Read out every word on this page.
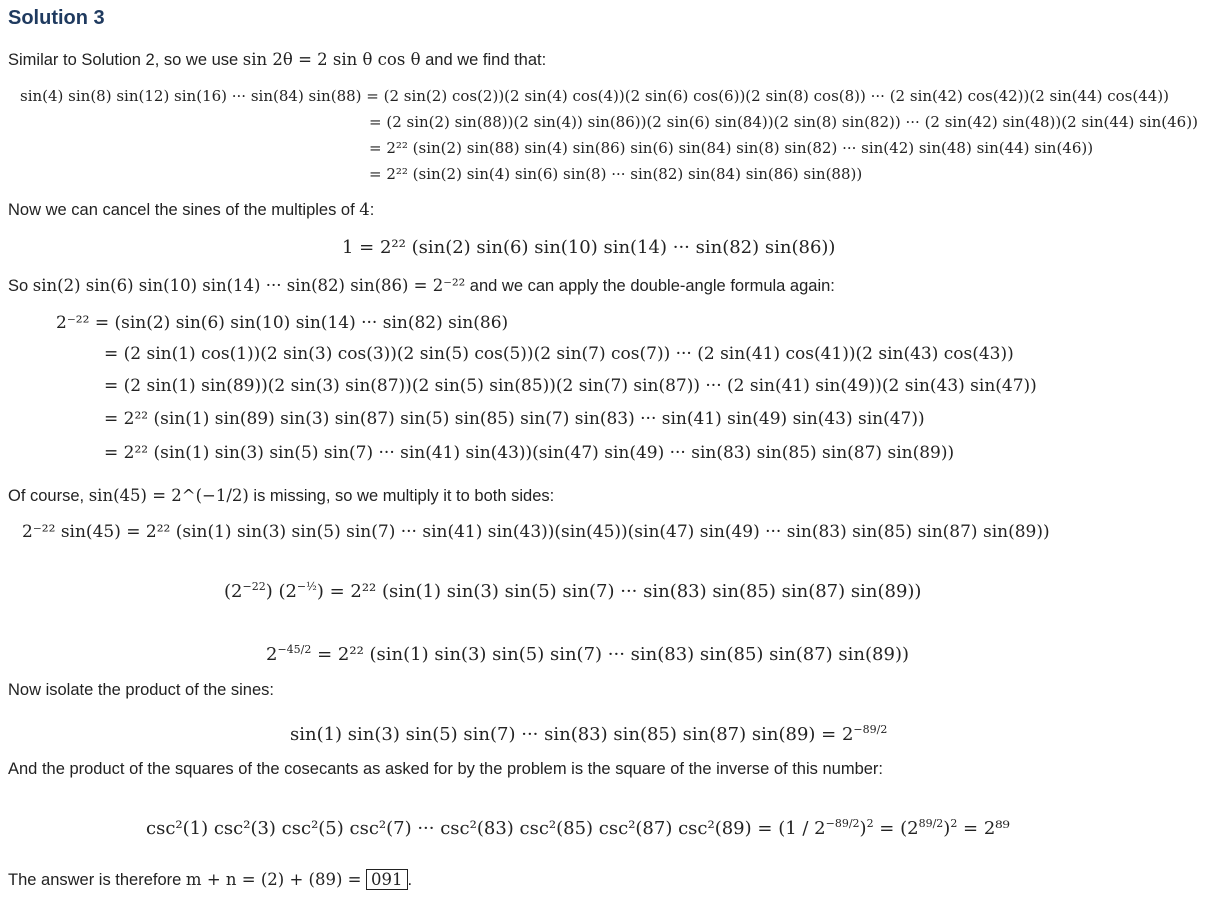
Solution 3
Similar to Solution 2, so we use sin 2θ = 2 sin θ cos θ and we find that:
sin(4) sin(8) sin(12) sin(16) ··· sin(84) sin(88) = (2 sin(2) cos(2))(2 sin(4) cos(4))(2 sin(6) cos(6))(2 sin(8) cos(8)) ··· (2 sin(42) cos(42))(2 sin(44) cos(44))
= (2 sin(2) sin(88))(2 sin(4)) sin(86))(2 sin(6) sin(84))(2 sin(8) sin(82)) ··· (2 sin(42) sin(48))(2 sin(44) sin(46))
= 2²² (sin(2) sin(88) sin(4) sin(86) sin(6) sin(84) sin(8) sin(82) ··· sin(42) sin(48) sin(44) sin(46))
= 2²² (sin(2) sin(4) sin(6) sin(8) ··· sin(82) sin(84) sin(86) sin(88))
Now we can cancel the sines of the multiples of 4:
1 = 2²² (sin(2) sin(6) sin(10) sin(14) ··· sin(82) sin(86))
So sin(2) sin(6) sin(10) sin(14) ··· sin(82) sin(86) = 2⁻²² and we can apply the double-angle formula again:
2⁻²² = (sin(2) sin(6) sin(10) sin(14) ··· sin(82) sin(86)
= (2 sin(1) cos(1))(2 sin(3) cos(3))(2 sin(5) cos(5))(2 sin(7) cos(7)) ··· (2 sin(41) cos(41))(2 sin(43) cos(43))
= (2 sin(1) sin(89))(2 sin(3) sin(87))(2 sin(5) sin(85))(2 sin(7) sin(87)) ··· (2 sin(41) sin(49))(2 sin(43) sin(47))
= 2²² (sin(1) sin(89) sin(3) sin(87) sin(5) sin(85) sin(7) sin(83) ··· sin(41) sin(49) sin(43) sin(47))
= 2²² (sin(1) sin(3) sin(5) sin(7) ··· sin(41) sin(43))(sin(47) sin(49) ··· sin(83) sin(85) sin(87) sin(89))
Of course, sin(45) = 2^(−1/2) is missing, so we multiply it to both sides:
2⁻²² sin(45) = 2²² (sin(1) sin(3) sin(5) sin(7) ··· sin(41) sin(43))(sin(45))(sin(47) sin(49) ··· sin(83) sin(85) sin(87) sin(89))
$(2^{-22}) (2^{-\frac{1}{2}}) = 2^{22}$ (sin(1) sin(3) sin(5) sin(7) ··· sin(83) sin(85) sin(87) sin(89))
$2^{-45/2} = 2^{22}$ (sin(1) sin(3) sin(5) sin(7) ··· sin(83) sin(85) sin(87) sin(89))
Now isolate the product of the sines:
sin(1) sin(3) sin(5) sin(7) ··· sin(83) sin(85) sin(87) $\sin(89) = 2^{-89/2}$
And the product of the squares of the cosecants as asked for by the problem is the square of the inverse of this number:
csc²(1) csc²(3) csc²(5) csc²(7) ··· csc²(83) csc²(85) csc²(87) $\csc^2(89) = (1 / 2^{-89/2})^2 = (2^{89/2})^2 = 2^{89}$
The answer is therefore m + n = (2) + (89) = 091 .
